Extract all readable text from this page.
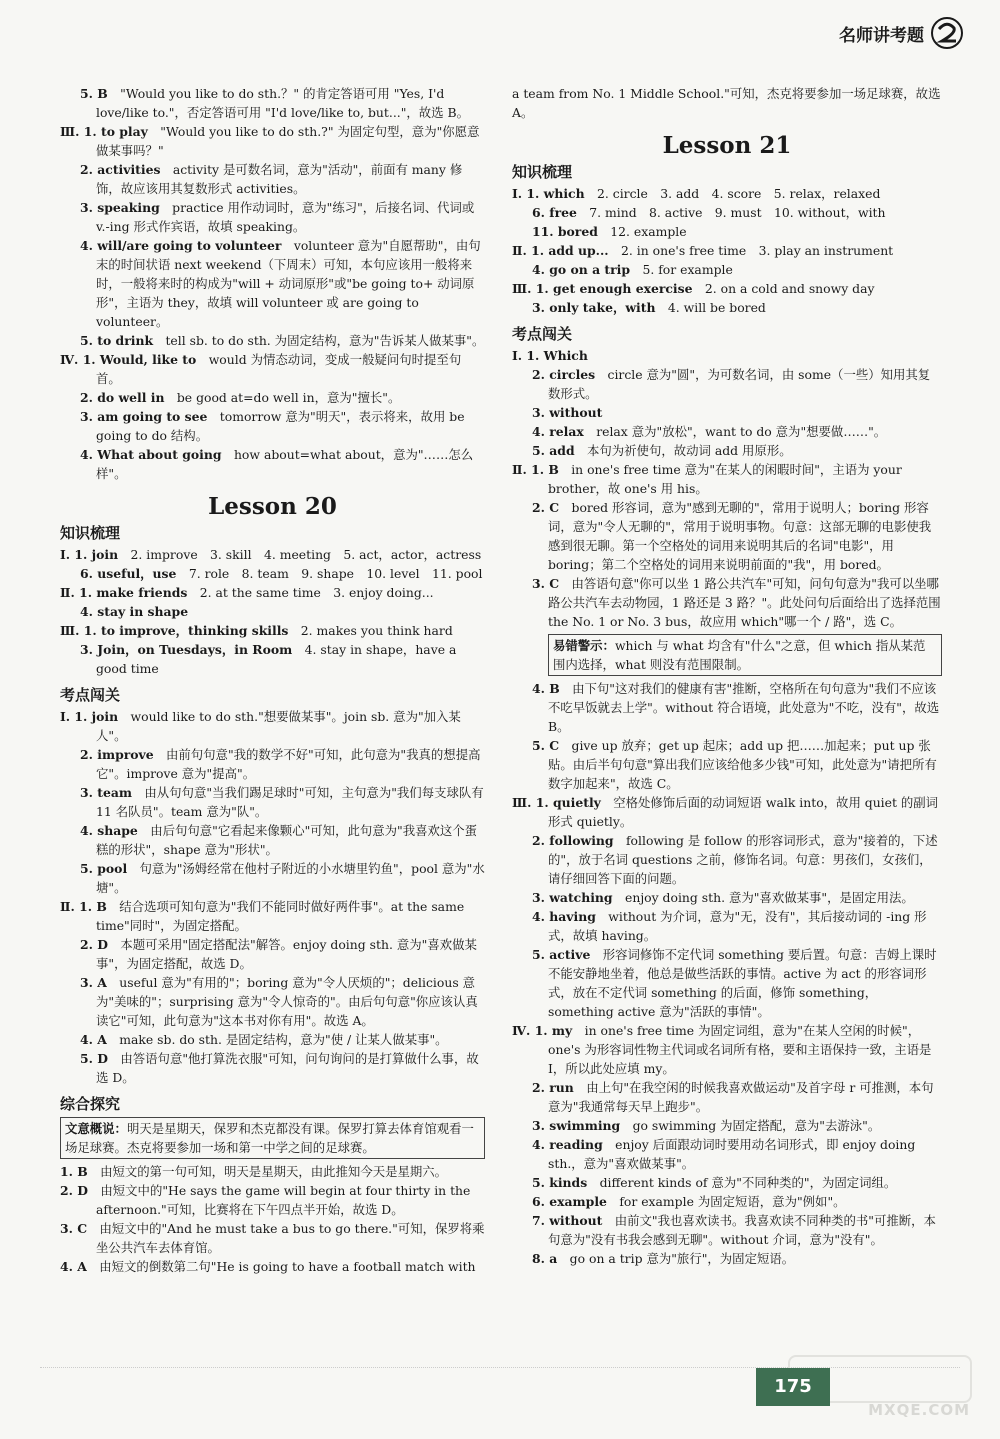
名师讲考题

5. B　 "Would you like to do sth.？" 的肯定答语可用 "Yes, I'd love/like to."，否定答语可用 "I'd love/like to, but..."，故选 B。

Ⅲ. 1. to play　 "Would you like to do sth.?" 为固定句型，意为"你愿意做某事吗？"

2. activities　 activity 是可数名词，意为"活动"，前面有 many 修饰，故应该用其复数形式 activities。

3. speaking　 practice 用作动词时，意为"练习"，后接名词、代词或 v.-ing 形式作宾语，故填 speaking。

4. will/are going to volunteer　 volunteer 意为"自愿帮助"，由句末的时间状语 next weekend（下周末）可知，本句应该用一般将来时，一般将来时的构成为"will + 动词原形"或"be going to+ 动词原形"，主语为 they，故填 will volunteer 或 are going to volunteer。

5. to drink　 tell sb. to do sth. 为固定结构，意为"告诉某人做某事"。

Ⅳ. 1. Would, like to　 would 为情态动词，变成一般疑问句时提至句首。

2. do well in　 be good at=do well in，意为"擅长"。

3. am going to see　 tomorrow 意为"明天"，表示将来，故用 be going to do 结构。

4. What about going　 how about=what about，意为"……怎么样"。

Lesson 20
知识梳理

Ⅰ. 1. join　 2. improve　3. skill　4. meeting　5. act，actor，actress

6. useful，use　 7. role　8. team　9. shape　10. level　11. pool

Ⅱ. 1. make friends　 2. at the same time　3. enjoy doing...

4. stay in shape　

Ⅲ. 1. to improve，thinking skills　 2. makes you think hard

3. Join，on Tuesdays，in Room　 4. stay in shape，have a good time

考点闯关

Ⅰ. 1. join　 would like to do sth."想要做某事"。join sb. 意为"加入某人"。

2. improve　 由前句句意"我的数学不好"可知，此句意为"我真的想提高它"。improve 意为"提高"。

3. team　 由从句句意"当我们踢足球时"可知，主句意为"我们每支球队有 11 名队员"。team 意为"队"。

4. shape　 由后句句意"它看起来像颗心"可知，此句意为"我喜欢这个蛋糕的形状"，shape 意为"形状"。

5. pool　 句意为"汤姆经常在他村子附近的小水塘里钓鱼"，pool 意为"水塘"。

Ⅱ. 1. B　 结合选项可知句意为"我们不能同时做好两件事"。at the same time"同时"，为固定搭配。

2. D　 本题可采用"固定搭配法"解答。enjoy doing sth. 意为"喜欢做某事"，为固定搭配，故选 D。

3. A　 useful 意为"有用的"；boring 意为"令人厌烦的"；delicious 意为"美味的"；surprising 意为"令人惊奇的"。由后句句意"你应该认真读它"可知，此句意为"这本书对你有用"。故选 A。

4. A　 make sb. do sth. 是固定结构，意为"使 / 让某人做某事"。

5. D　 由答语句意"他打算洗衣服"可知，问句询问的是打算做什么事，故选 D。

综合探究
文意概说：明天是星期天，保罗和杰克都没有课。保罗打算去体育馆观看一场足球赛。杰克将要参加一场和第一中学之间的足球赛。

1. B　 由短文的第一句可知，明天是星期天，由此推知今天是星期六。

2. D　 由短文中的"He says the game will begin at four thirty in the afternoon."可知，比赛将在下午四点半开始，故选 D。

3. C　 由短文中的"And he must take a bus to go there."可知，保罗将乘坐公共汽车去体育馆。

4. A　 由短文的倒数第二句"He is going to have a football match with

a team from No. 1 Middle School."可知，杰克将要参加一场足球赛，故选 A。

Lesson 21
知识梳理

Ⅰ. 1. which　 2. circle　3. add　4. score　5. relax，relaxed

6. free　 7. mind　8. active　9. must　10. without，with

11. bored　 12. example

Ⅱ. 1. add up...　 2. in one's free time　3. play an instrument

4. go on a trip　 5. for example

Ⅲ. 1. get enough exercise　 2. on a cold and snowy day

3. only take，with　 4. will be bored

考点闯关

Ⅰ. 1. Which　

2. circles　 circle 意为"圆"，为可数名词，由 some（一些）知用其复数形式。

3. without　

4. relax　 relax 意为"放松"，want to do 意为"想要做……"。

5. add　 本句为祈使句，故动词 add 用原形。

Ⅱ. 1. B　 in one's free time 意为"在某人的闲暇时间"，主语为 your brother，故 one's 用 his。

2. C　 bored 形容词，意为"感到无聊的"，常用于说明人；boring 形容词，意为"令人无聊的"，常用于说明事物。句意：这部无聊的电影使我感到很无聊。第一个空格处的词用来说明其后的名词"电影"，用 boring；第二个空格处的词用来说明前面的"我"，用 bored。

3. C　 由答语句意"你可以坐 1 路公共汽车"可知，问句句意为"我可以坐哪路公共汽车去动物园，1 路还是 3 路？"。此处问句后面给出了选择范围 the No. 1 or No. 3 bus，故应用 which"哪一个 / 路"，选 C。

易错警示：which 与 what 均含有"什么"之意，但 which 指从某范围内选择，what 则没有范围限制。

4. B　 由下句"这对我们的健康有害"推断，空格所在句句意为"我们不应该不吃早饭就去上学"。without 符合语境，此处意为"不吃，没有"，故选 B。

5. C　 give up 放弃；get up 起床；add up 把……加起来；put up 张贴。由后半句句意"算出我们应该给他多少钱"可知，此处意为"请把所有数字加起来"，故选 C。

Ⅲ. 1. quietly　 空格处修饰后面的动词短语 walk into，故用 quiet 的副词形式 quietly。

2. following　 following 是 follow 的形容词形式，意为"接着的，下述的"，放于名词 questions 之前，修饰名词。句意：男孩们，女孩们，请仔细回答下面的问题。

3. watching　 enjoy doing sth. 意为"喜欢做某事"，是固定用法。

4. having　 without 为介词，意为"无，没有"，其后接动词的 -ing 形式，故填 having。

5. active　 形容词修饰不定代词 something 要后置。句意：吉姆上课时不能安静地坐着，他总是做些活跃的事情。active 为 act 的形容词形式，放在不定代词 something 的后面，修饰 something，something active 意为"活跃的事情"。

Ⅳ. 1. my　 in one's free time 为固定词组，意为"在某人空闲的时候"，one's 为形容词性物主代词或名词所有格，要和主语保持一致，主语是 I，所以此处应填 my。

2. run　 由上句"在我空闲的时候我喜欢做运动"及首字母 r 可推测，本句意为"我通常每天早上跑步"。

3. swimming　 go swimming 为固定搭配，意为"去游泳"。

4. reading　 enjoy 后面跟动词时要用动名词形式，即 enjoy doing sth.，意为"喜欢做某事"。

5. kinds　 different kinds of 意为"不同种类的"，为固定词组。

6. example　 for example 为固定短语，意为"例如"。

7. without　 由前文"我也喜欢读书。我喜欢读不同种类的书"可推断，本句意为"没有书我会感到无聊"。without 介词，意为"没有"。

8. a　 go on a trip 意为"旅行"，为固定短语。

175
MXQE.COM
